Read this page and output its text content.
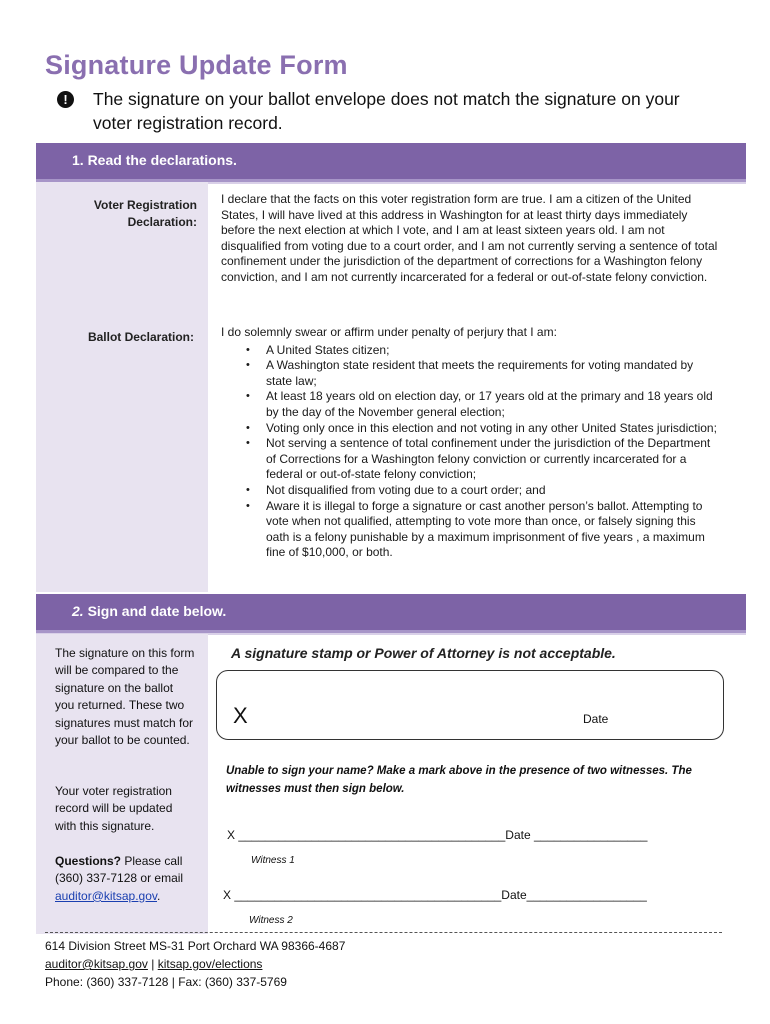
Signature Update Form
!	The signature on your ballot envelope does not match the signature on your voter registration record.
1. Read the declarations.
Voter Registration
Declaration:
Ballot Declaration:
I declare that the facts on this voter registration form are true. I am a citizen of the United States, I will have lived at this address in Washington for at least thirty days immediately before the next election at which I vote, and I am at least sixteen years old. I am not disqualified from voting due to a court order, and I am not currently serving a sentence of total confinement under the jurisdiction of the department of corrections for a Washington felony conviction, and I am not currently incarcerated for a federal or out-of-state felony conviction.
I do solemnly swear or affirm under penalty of perjury that I am:
• A United States citizen;
• A Washington state resident that meets the requirements for voting mandated by state law;
• At least 18 years old on election day, or 17 years old at the primary and 18 years old by the day of the November general election;
• Voting only once in this election and not voting in any other United States jurisdiction;
• Not serving a sentence of total confinement under the jurisdiction of the Department of Corrections for a Washington felony conviction or currently incarcerated for a federal or out-of-state felony conviction;
• Not disqualified from voting due to a court order; and
• Aware it is illegal to forge a signature or cast another person’s ballot. Attempting to vote when not qualified, attempting to vote more than once, or falsely signing this oath is a felony punishable by a maximum imprisonment of five years , a maximum fine of $10,000, or both.
2. Sign and date below.
The signature on this form will be compared to the signature on the ballot you returned. These two signatures must match for your ballot to be counted.
Your voter registration record will be updated with this signature.
Questions? Please call (360) 337-7128 or email auditor@kitsap.gov.
A signature stamp or Power of Attorney is not acceptable.
X	Date
Unable to sign your name? Make a mark above in the presence of two witnesses. The witnesses must then sign below.
X ________________________________________Date _________________
Witness 1
X ________________________________________Date__________________
Witness 2
614 Division Street MS-31 Port Orchard WA 98366-4687
auditor@kitsap.gov | kitsap.gov/elections
Phone: (360) 337-7128 | Fax: (360) 337-5769
